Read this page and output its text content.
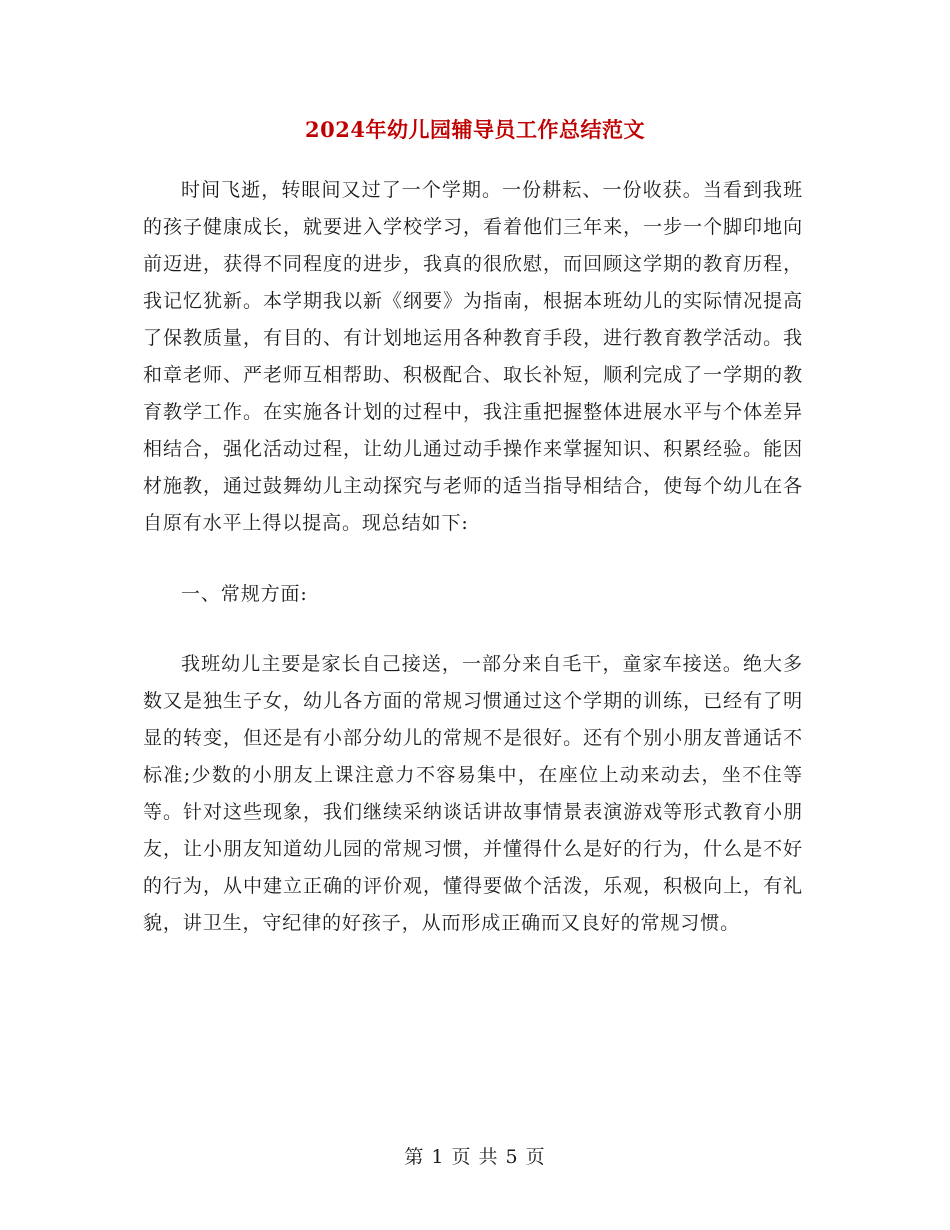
2024年幼儿园辅导员工作总结范文

时间飞逝，转眼间又过了一个学期。一份耕耘、一份收获。当看到我班的孩子健康成长，就要进入学校学习，看着他们三年来，一步一个脚印地向前迈进，获得不同程度的进步，我真的很欣慰，而回顾这学期的教育历程，我记忆犹新。本学期我以新《纲要》为指南，根据本班幼儿的实际情况提高了保教质量，有目的、有计划地运用各种教育手段，进行教育教学活动。我和章老师、严老师互相帮助、积极配合、取长补短，顺利完成了一学期的教育教学工作。在实施各计划的过程中，我注重把握整体进展水平与个体差异相结合，强化活动过程，让幼儿通过动手操作来掌握知识、积累经验。能因材施教，通过鼓舞幼儿主动探究与老师的适当指导相结合，使每个幼儿在各自原有水平上得以提高。现总结如下:

一、常规方面:

我班幼儿主要是家长自己接送，一部分来自毛干，童家车接送。绝大多数又是独生子女，幼儿各方面的常规习惯通过这个学期的训练，已经有了明显的转变，但还是有小部分幼儿的常规不是很好。还有个别小朋友普通话不标准;少数的小朋友上课注意力不容易集中，在座位上动来动去，坐不住等等。针对这些现象，我们继续采纳谈话讲故事情景表演游戏等形式教育小朋友，让小朋友知道幼儿园的常规习惯，并懂得什么是好的行为，什么是不好的行为，从中建立正确的评价观，懂得要做个活泼，乐观，积极向上，有礼貌，讲卫生，守纪律的好孩子，从而形成正确而又良好的常规习惯。

第 1 页 共 5 页
